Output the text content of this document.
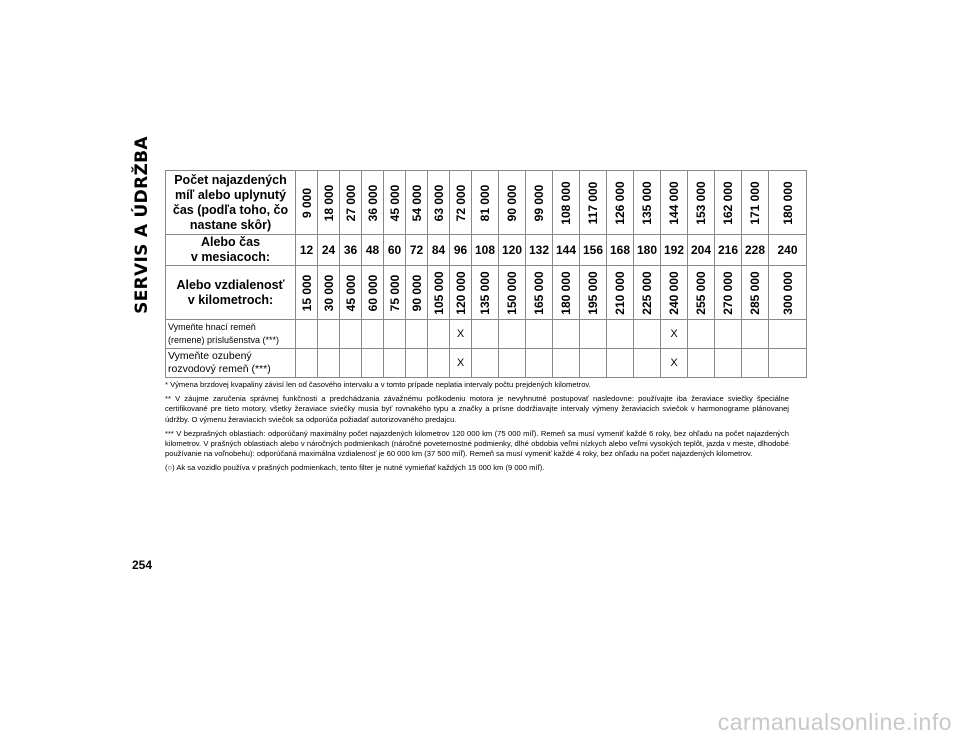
SERVIS A ÚDRŽBA	Počet najazdených
míľ alebo uplynutý
čas (podľa toho, čo
nastane skôr)	9 000	18 000	27 000	36 000	45 000	54 000	63 000	72 000	81 000	90 000	99 000	108 000	117 000	126 000	135 000	144 000	153 000	162 000	171 000	180 000

Alebo čas
v mesiacoch:	12	24	36	48	60	72	84	96	108	120	132	144	156	168	180	192	204	216	228	240

Alebo vzdialenosť
v kilometroch:	15 000	30 000	45 000	60 000	75 000	90 000	105 000	120 000	135 000	150 000	165 000	180 000	195 000	210 000	225 000	240 000	255 000	270 000	285 000	300 000

Vymeňte hnací remeň (remene) príslušenstva (***)								X								X				
Vymeňte ozubený rozvodový remeň (***)								X								X				

* Výmena brzdovej kvapaliny závisí len od časového intervalu a v tomto prípade neplatia intervaly počtu prejdených kilometrov.

** V záujme zaručenia správnej funkčnosti a predchádzania závažnému poškodeniu motora je nevyhnutné postupovať nasledovne: používajte iba žeraviace sviečky špeciálne certifikované pre tieto motory, všetky žeraviace sviečky musia byť rovnakého typu a značky a prísne dodržiavajte intervaly výmeny žeraviacich sviečok v harmonograme plánovanej údržby. O výmenu žeraviacich sviečok sa odporúča požiadať autorizovaného predajcu.

*** V bezprašných oblastiach: odporúčaný maximálny počet najazdených kilometrov 120 000 km (75 000 míľ). Remeň sa musí vymeniť každé 6 roky, bez ohľadu na počet najazdených kilometrov. V prašných oblastiach alebo v náročných podmienkach (náročné poveternostné podmienky, dlhé obdobia veľmi nízkych alebo veľmi vysokých teplôt, jazda v meste, dlhodobé používanie na voľnobehu): odporúčaná maximálna vzdialenosť je 60 000 km (37 500 míľ). Remeň sa musí vymeniť každé 4 roky, bez ohľadu na počet najazdených kilometrov.

(○) Ak sa vozidlo používa v prašných podmienkach, tento filter je nutné vymieňať každých 15 000 km (9 000 míľ).

254
carmanualsonline.info
